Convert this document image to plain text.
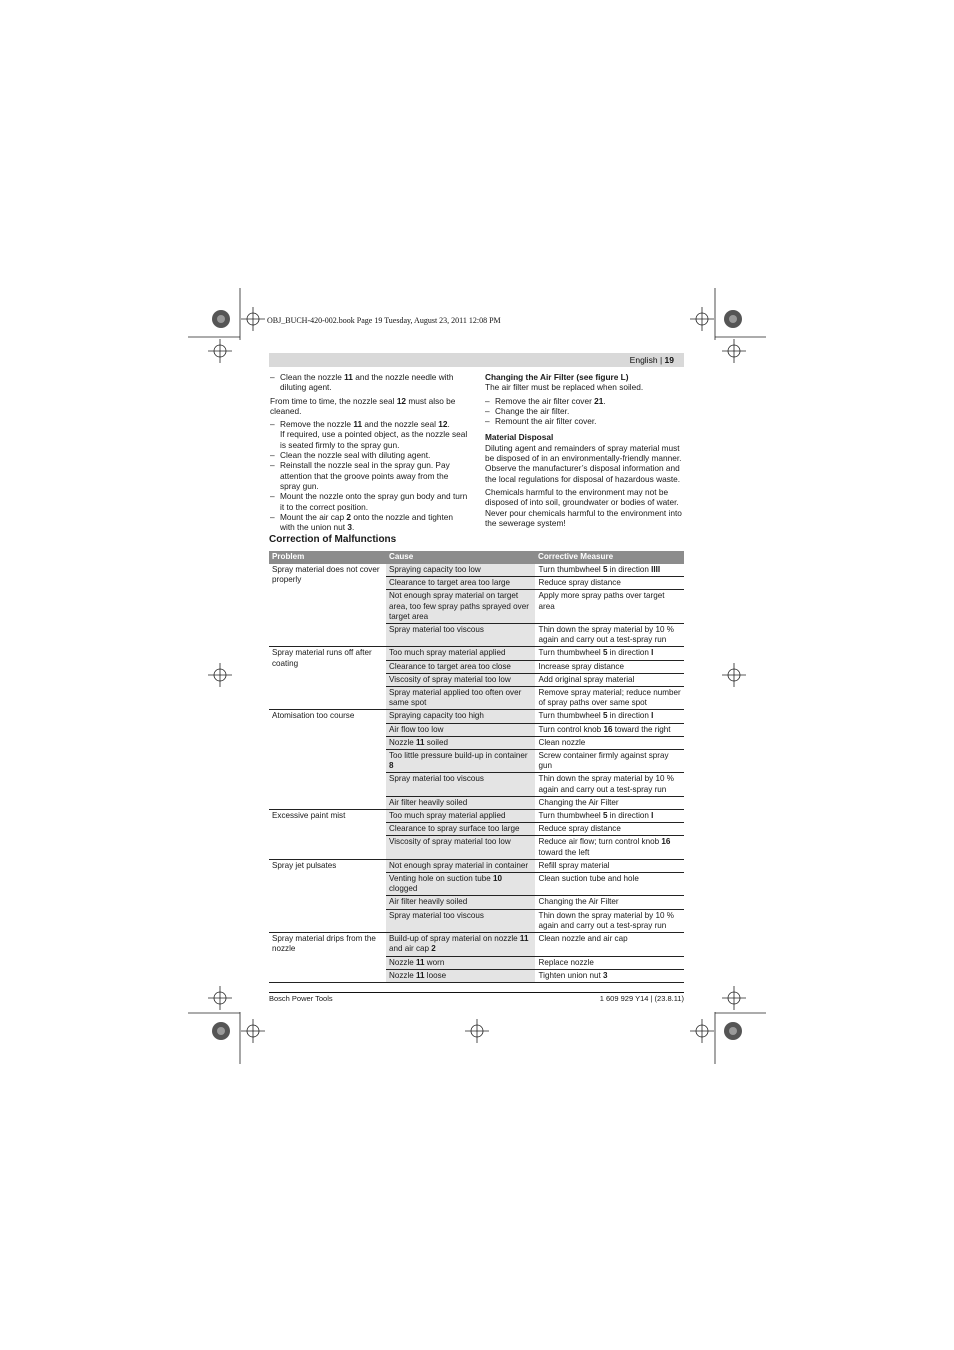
OBJ_BUCH-420-002.book Page 19 Tuesday, August 23, 2011 12:08 PM
English | 19

– Clean the nozzle 11 and the nozzle needle with diluting agent.

From time to time, the nozzle seal 12 must also be cleaned.

– Remove the nozzle 11 and the nozzle seal 12.

If required, use a pointed object, as the nozzle seal is seated firmly to the spray gun.

– Clean the nozzle seal with diluting agent.

– Reinstall the nozzle seal in the spray gun. Pay attention that the groove points away from the spray gun.

– Mount the nozzle onto the spray gun body and turn it to the correct position.

– Mount the air cap 2 onto the nozzle and tighten with the union nut 3.

Changing the Air Filter (see figure L)

The air filter must be replaced when soiled.

– Remove the air filter cover 21.

– Change the air filter.

– Remount the air filter cover.

Material Disposal

Diluting agent and remainders of spray material must be disposed of in an environmentally-friendly manner. Observe the manufacturer’s disposal information and the local regulations for disposal of hazardous waste.

Chemicals harmful to the environment may not be disposed of into soil, groundwater or bodies of water. Never pour chemicals harmful to the environment into the sewerage system!

Correction of Malfunctions
Problem	Cause	Corrective Measure
Spray material does not cover properly	Spraying capacity too low	Turn thumbwheel 5 in direction IIII
	Clearance to target area too large	Reduce spray distance
	Not enough spray material on target area, too few spray paths sprayed over target area	Apply more spray paths over target area
	Spray material too viscous	Thin down the spray material by 10 % again and carry out a test-spray run
Spray material runs off after coating	Too much spray material applied	Turn thumbwheel 5 in direction I
	Clearance to target area too close	Increase spray distance
	Viscosity of spray material too low	Add original spray material
	Spray material applied too often over same spot	Remove spray material; reduce number of spray paths over same spot
Atomisation too course	Spraying capacity too high	Turn thumbwheel 5 in direction I
	Air flow too low	Turn control knob 16 toward the right
	Nozzle 11 soiled	Clean nozzle
	Too little pressure build-up in container 8	Screw container firmly against spray gun
	Spray material too viscous	Thin down the spray material by 10 % again and carry out a test-spray run
	Air filter heavily soiled	Changing the Air Filter
Excessive paint mist	Too much spray material applied	Turn thumbwheel 5 in direction I
	Clearance to spray surface too large	Reduce spray distance
	Viscosity of spray material too low	Reduce air flow; turn control knob 16 toward the left
Spray jet pulsates	Not enough spray material in container	Refill spray material
	Venting hole on suction tube 10 clogged	Clean suction tube and hole
	Air filter heavily soiled	Changing the Air Filter
	Spray material too viscous	Thin down the spray material by 10 % again and carry out a test-spray run
Spray material drips from the nozzle	Build-up of spray material on nozzle 11 and air cap 2	Clean nozzle and air cap
	Nozzle 11 worn	Replace nozzle
	Nozzle 11 loose	Tighten union nut 3
Bosch Power Tools	1 609 929 Y14 | (23.8.11)
